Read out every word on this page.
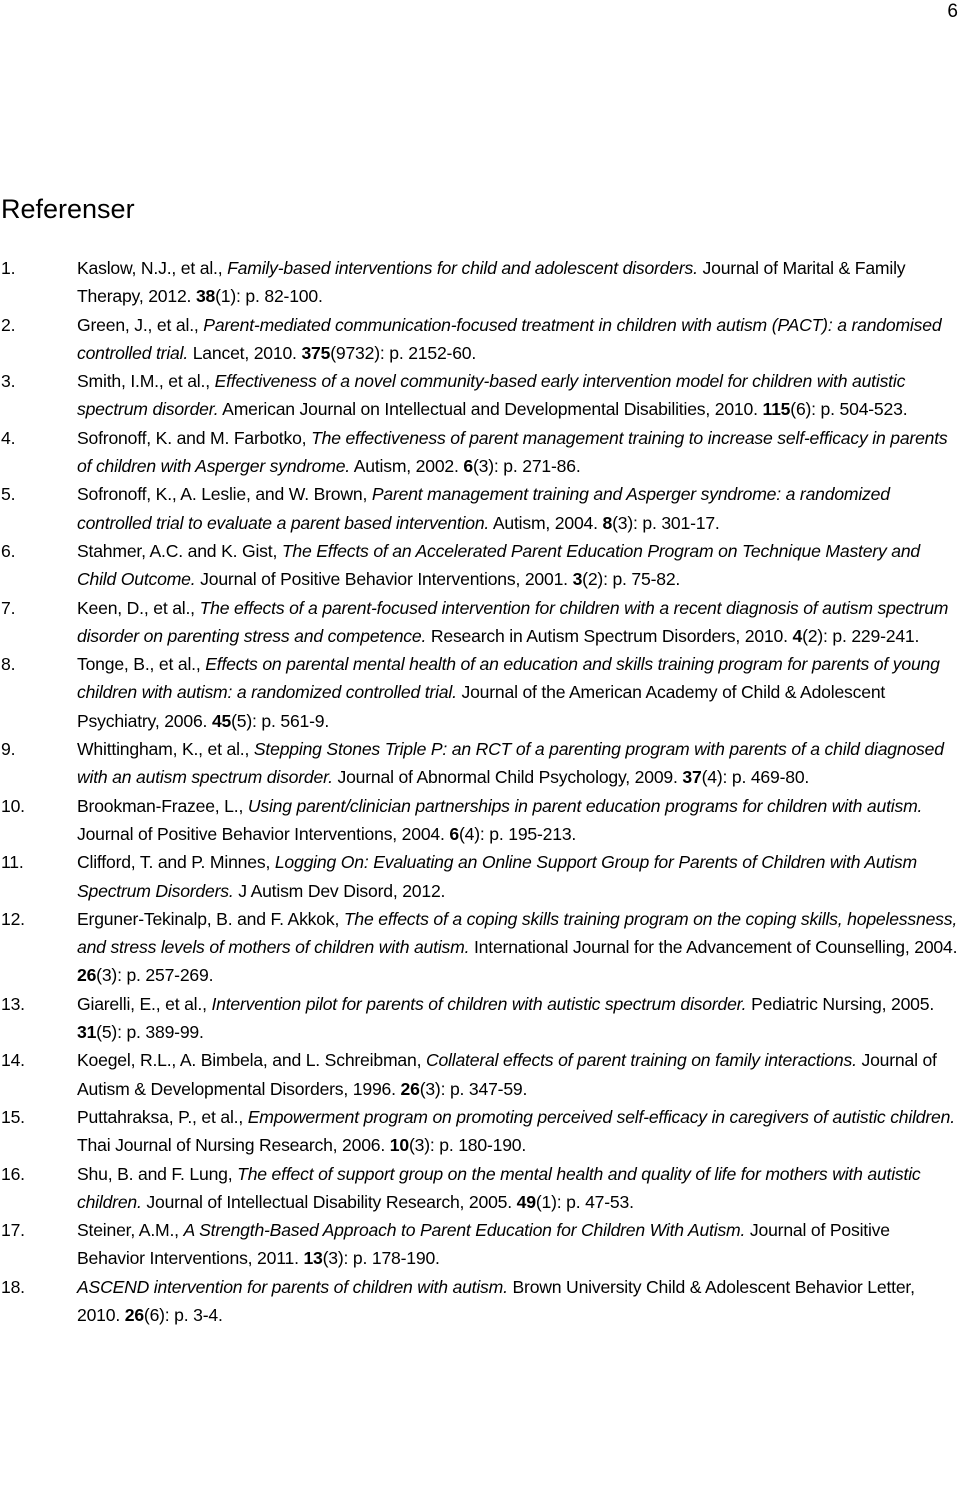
6
Referenser
1.	Kaslow, N.J., et al., Family-based interventions for child and adolescent disorders. Journal of Marital & Family Therapy, 2012. 38(1): p. 82-100.
2.	Green, J., et al., Parent-mediated communication-focused treatment in children with autism (PACT): a randomised controlled trial. Lancet, 2010. 375(9732): p. 2152-60.
3.	Smith, I.M., et al., Effectiveness of a novel community-based early intervention model for children with autistic spectrum disorder. American Journal on Intellectual and Developmental Disabilities, 2010. 115(6): p. 504-523.
4.	Sofronoff, K. and M. Farbotko, The effectiveness of parent management training to increase self-efficacy in parents of children with Asperger syndrome. Autism, 2002. 6(3): p. 271-86.
5.	Sofronoff, K., A. Leslie, and W. Brown, Parent management training and Asperger syndrome: a randomized controlled trial to evaluate a parent based intervention. Autism, 2004. 8(3): p. 301-17.
6.	Stahmer, A.C. and K. Gist, The Effects of an Accelerated Parent Education Program on Technique Mastery and Child Outcome. Journal of Positive Behavior Interventions, 2001. 3(2): p. 75-82.
7.	Keen, D., et al., The effects of a parent-focused intervention for children with a recent diagnosis of autism spectrum disorder on parenting stress and competence. Research in Autism Spectrum Disorders, 2010. 4(2): p. 229-241.
8.	Tonge, B., et al., Effects on parental mental health of an education and skills training program for parents of young children with autism: a randomized controlled trial. Journal of the American Academy of Child & Adolescent Psychiatry, 2006. 45(5): p. 561-9.
9.	Whittingham, K., et al., Stepping Stones Triple P: an RCT of a parenting program with parents of a child diagnosed with an autism spectrum disorder. Journal of Abnormal Child Psychology, 2009. 37(4): p. 469-80.
10.	Brookman-Frazee, L., Using parent/clinician partnerships in parent education programs for children with autism. Journal of Positive Behavior Interventions, 2004. 6(4): p. 195-213.
11.	Clifford, T. and P. Minnes, Logging On: Evaluating an Online Support Group for Parents of Children with Autism Spectrum Disorders. J Autism Dev Disord, 2012.
12.	Erguner-Tekinalp, B. and F. Akkok, The effects of a coping skills training program on the coping skills, hopelessness, and stress levels of mothers of children with autism. International Journal for the Advancement of Counselling, 2004. 26(3): p. 257-269.
13.	Giarelli, E., et al., Intervention pilot for parents of children with autistic spectrum disorder. Pediatric Nursing, 2005. 31(5): p. 389-99.
14.	Koegel, R.L., A. Bimbela, and L. Schreibman, Collateral effects of parent training on family interactions. Journal of Autism & Developmental Disorders, 1996. 26(3): p. 347-59.
15.	Puttahraksa, P., et al., Empowerment program on promoting perceived self-efficacy in caregivers of autistic children. Thai Journal of Nursing Research, 2006. 10(3): p. 180-190.
16.	Shu, B. and F. Lung, The effect of support group on the mental health and quality of life for mothers with autistic children. Journal of Intellectual Disability Research, 2005. 49(1): p. 47-53.
17.	Steiner, A.M., A Strength-Based Approach to Parent Education for Children With Autism. Journal of Positive Behavior Interventions, 2011. 13(3): p. 178-190.
18.	ASCEND intervention for parents of children with autism. Brown University Child & Adolescent Behavior Letter, 2010. 26(6): p. 3-4.
